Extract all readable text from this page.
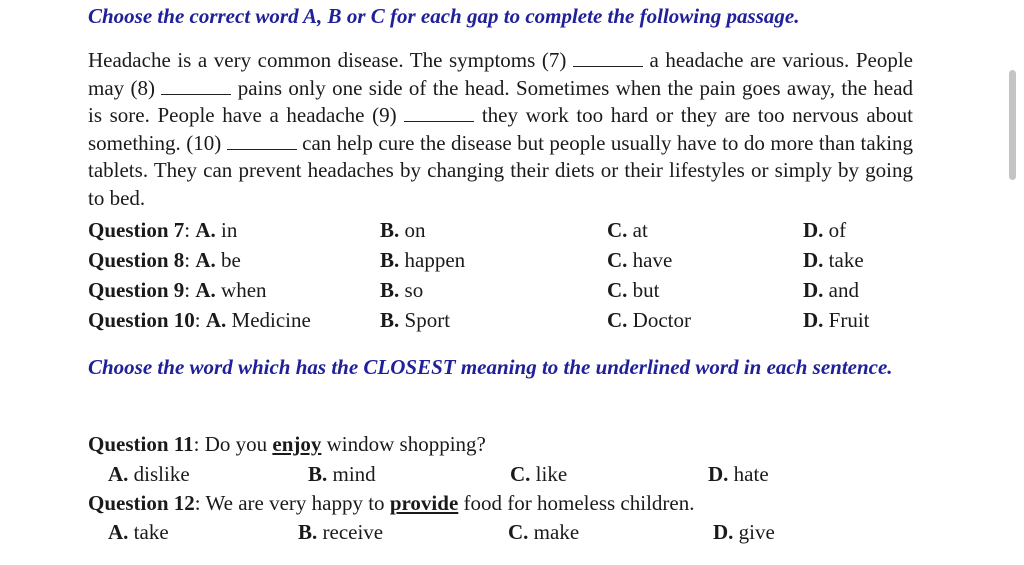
Choose the correct word A, B or C for each gap to complete the following passage.

Headache is a very common disease. The symptoms (7)	a headache are various. People may (8)	pains only one side of the head. Sometimes when the pain goes away, the head is sore. People have a headache (9)	they work too hard or they are too nervous about something. (10)	can help cure the disease but people usually have to do more than taking tablets. They can prevent headaches by changing their diets or their lifestyles or simply by going to bed.

Question 7: A. in	B. on	C. at	D. of
Question 8: A. be	B. happen	C. have	D. take
Question 9: A. when	B. so	C. but	D. and
Question 10: A. Medicine	B. Sport	C. Doctor	D. Fruit
Choose the word which has the CLOSEST meaning to the underlined word in each sentence.
Question 11: Do you enjoy window shopping?
A. dislike	B. mind	C. like	D. hate
Question 12: We are very happy to provide food for homeless children.
A. take	B. receive	C. make	D. give
